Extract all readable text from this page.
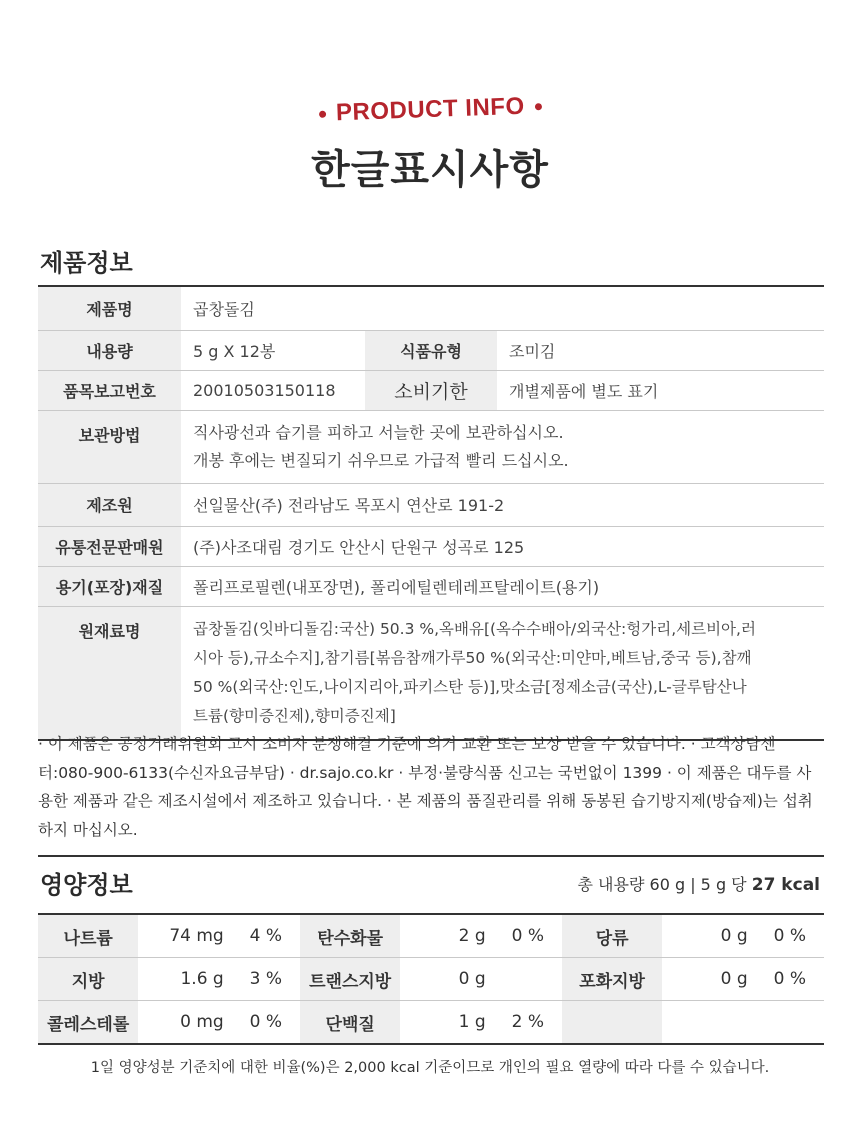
PRODUCT INFO
한글표시사항
제품정보
제품명	곱창돌김		
내용량	5 g X 12봉	식품유형	조미김
품목보고번호	20010503150118	소비기한	개별제품에 별도 표기
보관방법	직사광선과 습기를 피하고 서늘한 곳에 보관하십시오.
개봉 후에는 변질되기 쉬우므로 가급적 빨리 드십시오.		

제조원	선일물산(주) 전라남도 목포시 연산로 191-2		
유통전문판매원	(주)사조대림 경기도 안산시 단원구 성곡로 125		
용기(포장)재질	폴리프로필렌(내포장면), 폴리에틸렌테레프탈레이트(용기)		
원재료명	곱창돌김(잇바디돌김:국산) 50.3 %,옥배유[(옥수수배아/외국산:헝가리,세르비아,러
시아 등),규소수지],참기름[볶음참깨가루50 %(외국산:미얀마,베트남,중국 등),참깨
50 %(외국산:인도,나이지리아,파키스탄 등)],맛소금[정제소금(국산),L-글루탐산나
트륨(향미증진제),향미증진제]		
· 이 제품은 공정거래위원회 고시 소비자 분쟁해결 기준에 의거 교환 또는 보상 받을 수 있습니다. · 고객상담센터:080-900-6133(수신자요금부담) · dr.sajo.co.kr · 부정·불량식품 신고는 국번없이 1399 · 이 제품은 대두를 사용한 제품과 같은 제조시설에서 제조하고 있습니다. · 본 제품의 품질관리를 위해 동봉된 습기방지제(방습제)는 섭취하지 마십시오.
영양정보	총 내용량 60 g | 5 g 당 27 kcal
나트륨	74 mg	4 %	탄수화물	2 g	0 %	당류	0 g	0 %
지방	1.6 g	3 %	트랜스지방	0 g		포화지방	0 g	0 %
콜레스테롤	0 mg	0 %	단백질	1 g	2 %			
1일 영양성분 기준치에 대한 비율(%)은 2,000 kcal 기준이므로 개인의 필요 열량에 따라 다를 수 있습니다.
